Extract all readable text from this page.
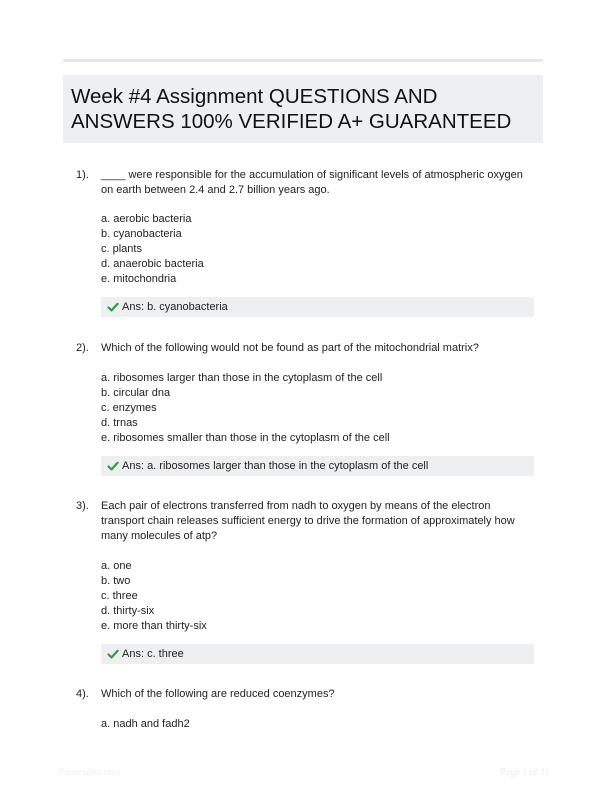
Week #4 Assignment QUESTIONS AND ANSWERS 100% VERIFIED A+ GUARANTEED
1). ____ were responsible for the accumulation of significant levels of atmospheric oxygen on earth between 2.4 and 2.7 billion years ago.
a. aerobic bacteria
b. cyanobacteria
c. plants
d. anaerobic bacteria
e. mitochondria
Ans: b. cyanobacteria
2). Which of the following would not be found as part of the mitochondrial matrix?
a. ribosomes larger than those in the cytoplasm of the cell
b. circular dna
c. enzymes
d. trnas
e. ribosomes smaller than those in the cytoplasm of the cell
Ans: a. ribosomes larger than those in the cytoplasm of the cell
3). Each pair of electrons transferred from nadh to oxygen by means of the electron transport chain releases sufficient energy to drive the formation of approximately how many molecules of atp?
a. one
b. two
c. three
d. thirty-six
e. more than thirty-six
Ans: c. three
4). Which of the following are reduced coenzymes?
a. nadh and fadh2
Papersdoc.com	Page 1 of 11
